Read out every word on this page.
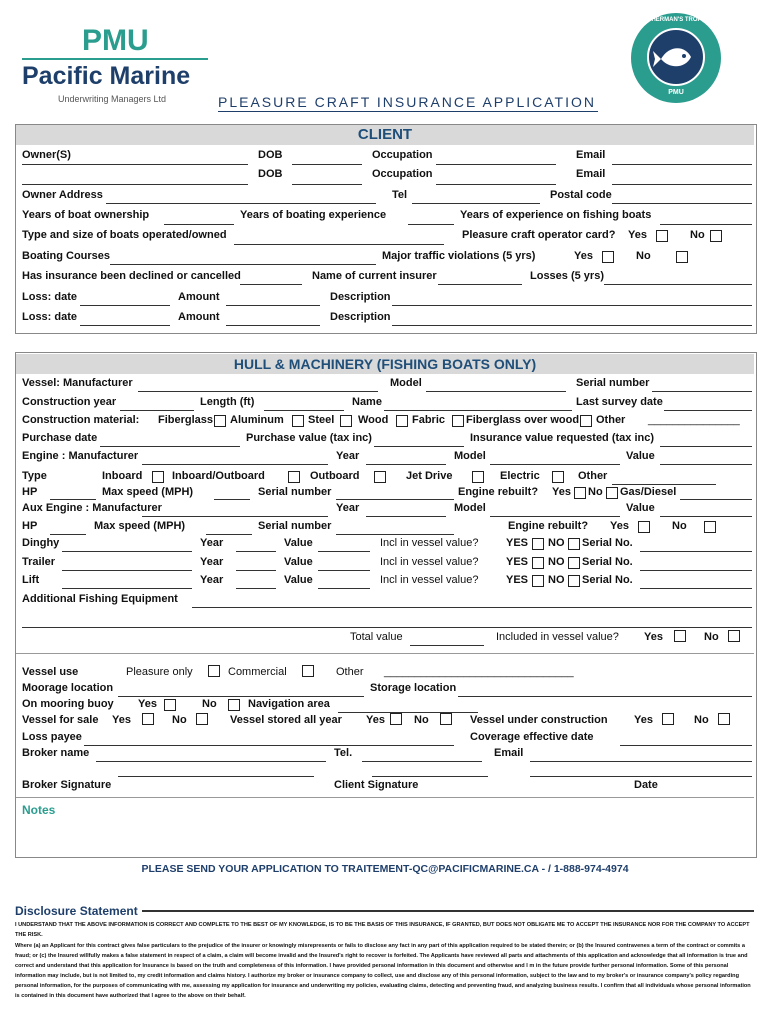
PMU
Pacific Marine
Underwriting Managers Ltd
FISHERMAN'S TROPHY
PMU
PLEASURE CRAFT INSURANCE APPLICATION
CLIENT
Owner(S)	DOB	Occupation	Email
DOB	Occupation	Email
Owner Address	Tel	Postal code
Years of boat ownership	Years of boating experience	Years of experience on fishing boats
Type and size of boats operated/owned	Pleasure craft operator card? Yes	No
Boating Courses	Major traffic violations (5 yrs)	Yes	No
Has insurance been declined or cancelled	Name of current insurer	Losses (5 yrs)
Loss: date	Amount	Description
Loss: date	Amount	Description
HULL & MACHINERY (FISHING BOATS ONLY)
Vessel: Manufacturer	Model	Serial number
Construction year	Length (ft)	Name	Last survey date
Construction material: Fiberglass Aluminum Steel Wood Fabric Fiberglass over wood Other _______________
Purchase date	Purchase value (tax inc)	Insurance value requested (tax inc)
Engine : Manufacturer	Year	Model	Value
Type	Inboard	Inboard/Outboard	Outboard	Jet Drive	Electric	Other
HP	Max speed (MPH)	Serial number	Engine rebuilt? Yes No Gas/Diesel
Aux Engine : Manufacturer	Year	Model	Value
HP	Max speed (MPH)	Serial number	Engine rebuilt? Yes	No
Dinghy	Year	Value	Incl in vessel value?	YES NO Serial No.
Trailer	Year	Value	Incl in vessel value?	YES NO Serial No.
Lift	Year	Value	Incl in vessel value?	YES NO Serial No.
Additional Fishing Equipment
Total value	Included in vessel value? Yes	No
Vessel use	Pleasure only	Commercial	Other _______________________________
Moorage location	Storage location
On mooring buoy Yes	No	Navigation area
Vessel for sale Yes	No	Vessel stored all year Yes	No	Vessel under construction Yes	No
Loss payee	Coverage effective date
Broker name	Tel.	Email
Broker Signature	Client Signature	Date
Notes
PLEASE SEND YOUR APPLICATION TO TRAITEMENT-QC@PACIFICMARINE.CA - / 1-888-974-4974
Disclosure Statement
I UNDERSTAND THAT THE ABOVE INFORMATION IS CORRECT AND COMPLETE TO THE BEST OF MY KNOWLEDGE, IS TO BE THE BASIS OF THIS INSURANCE, IF GRANTED, BUT DOES NOT OBLIGATE ME TO ACCEPT THE INSURANCE NOR FOR THE COMPANY TO ACCEPT THE RISK.
Where (a) an Applicant for this contract gives false particulars to the prejudice of the insurer or knowingly misrepresents or fails to disclose any fact in any part of this application required to be stated therein; or (b) the Insured contravenes a term of the contract or commits a fraud; or (c) the Insured willfully makes a false statement in respect of a claim, a claim will become invalid and the Insured's right to recover is forfeited. The Applicants have reviewed all parts and attachments of this application and acknowledge that all information is true and correct and understand that this application for Insurance is based on the truth and completeness of this information. I have provided personal information in this document and otherwise and I m in the future provide further personal information. Some of this personal information may include, but is not limited to, my credit information and claims history. I authorize my broker or insurance company to collect, use and disclose any of this personal information, subject to the law and to my broker's or insurance company's policy regarding personal information, for the purposes of communicating with me, assessing my application for insurance and underwriting my policies, evaluating claims, detecting and preventing fraud, and analyzing business results. I confirm that all individuals whose personal information is contained in this document have authorized that I agree to the above on their behalf.
